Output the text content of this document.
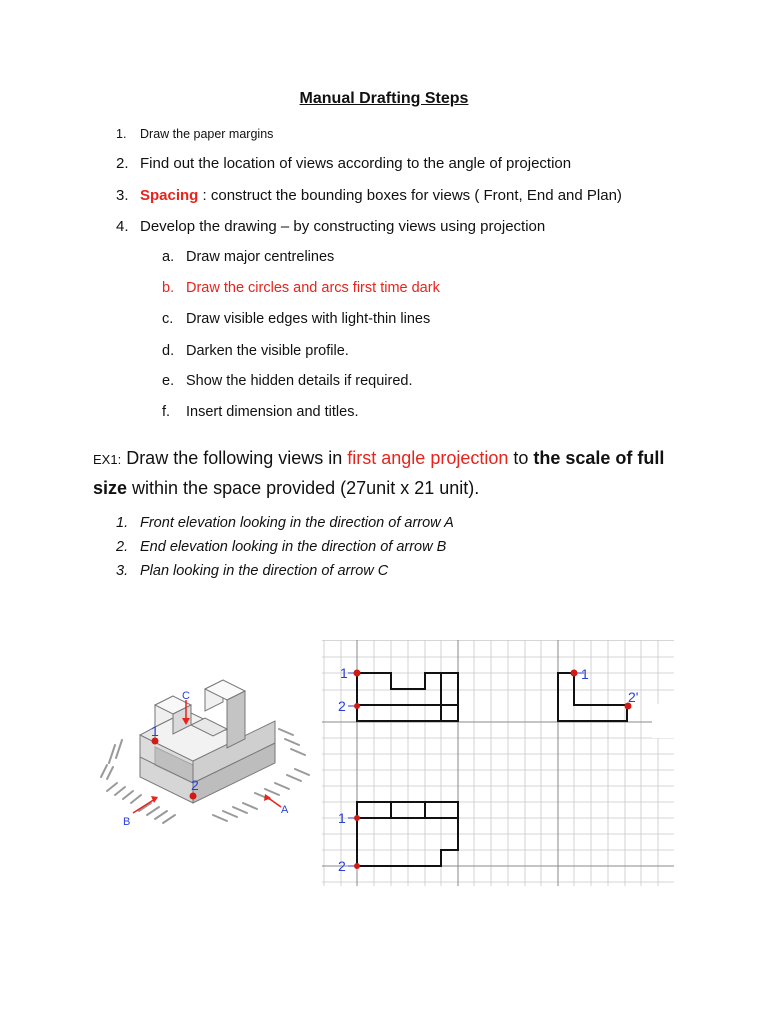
Manual Drafting Steps
1. Draw the paper margins
2. Find out the location of views according to the angle of projection
3. Spacing : construct the bounding boxes for views ( Front, End and Plan)
4. Develop the drawing – by constructing views using projection
a. Draw major centrelines
b. Draw the circles and arcs first time dark
c. Draw visible edges with light-thin lines
d. Darken the visible profile.
e. Show the hidden details if required.
f. Insert dimension and titles.
EX1: Draw the following views in first angle projection to the scale of full size within the space provided (27unit x 21 unit).
1. Front elevation looking in the direction of arrow A
2. End elevation looking in the direction of arrow B
3. Plan looking in the direction of arrow C
C
B
A
1
2
1
2
1
2'
1
2
